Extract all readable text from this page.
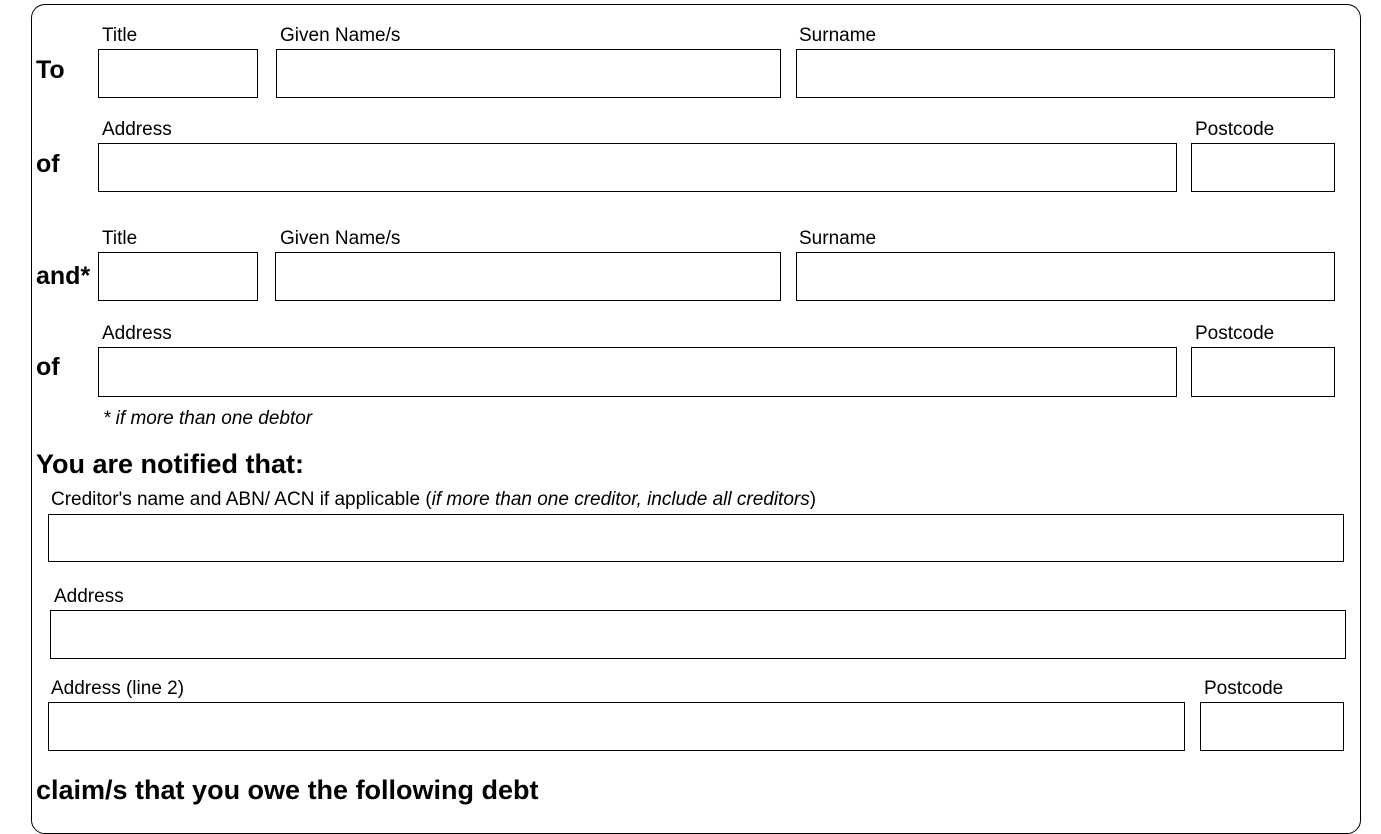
Title	Given Name/s	Surname
To
Address	Postcode
of
Title	Given Name/s	Surname
and*
Address	Postcode
of
* if more than one debtor
You are notified that:
Creditor's name and ABN/ ACN if applicable (if more than one creditor, include all creditors)
Address
Address (line 2)	Postcode
claim/s that you owe the following debt
